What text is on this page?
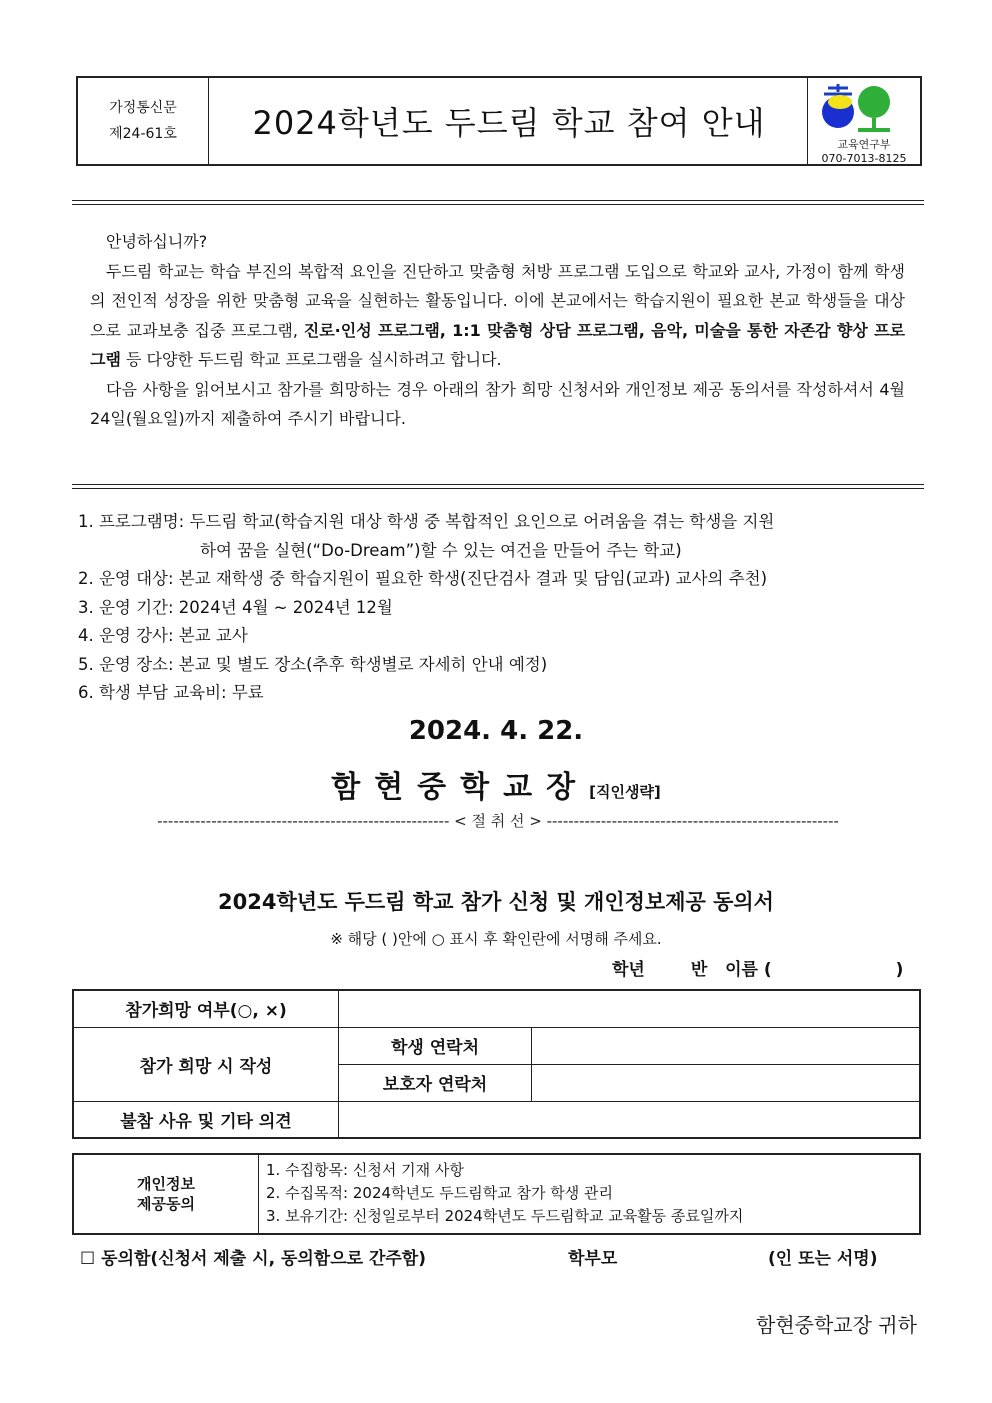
가정통신문
제24-61호	2024학년도 두드림 학교 참여 안내
교육연구부
070-7013-8125

안녕하십니까?

두드림 학교는 학습 부진의 복합적 요인을 진단하고 맞춤형 처방 프로그램 도입으로 학교와 교사, 가정이 함께 학생의 전인적 성장을 위한 맞춤형 교육을 실현하는 활동입니다. 이에 본교에서는 학습지원이 필요한 본교 학생들을 대상으로 교과보충 집중 프로그램, 진로·인성 프로그램, 1:1 맞춤형 상담 프로그램, 음악, 미술을 통한 자존감 향상 프로그램 등 다양한 두드림 학교 프로그램을 실시하려고 합니다.

다음 사항을 읽어보시고 참가를 희망하는 경우 아래의 참가 희망 신청서와 개인정보 제공 동의서를 작성하셔서 4월 24일(월요일)까지 제출하여 주시기 바랍니다.

1. 프로그램명: 두드림 학교(학습지원 대상 학생 중 복합적인 요인으로 어려움을 겪는 학생을 지원
하여 꿈을 실현(“Do-Dream”)할 수 있는 여건을 만들어 주는 학교)
2. 운영 대상: 본교 재학생 중 학습지원이 필요한 학생(진단검사 결과 및 담임(교과) 교사의 추천)
3. 운영 기간: 2024년 4월 ~ 2024년 12월
4. 운영 강사: 본교 교사
5. 운영 장소: 본교 및 별도 장소(추후 학생별로 자세히 안내 예정)
6. 학생 부담 교육비: 무료
2024. 4. 22.
함현중학교장[직인생략]
------------------------------------------------------ < 절 취 선 > ------------------------------------------------------
2024학년도 두드림 학교 참가 신청 및 개인정보제공 동의서
※ 해당 ( )안에 ○ 표시 후 확인란에 서명해 주세요.
학년	반 이름 (	)
참가희망 여부(○, ×)		
참가 희망 시 작성	학생 연락처	
	보호자 연락처	
불참 사유 및 기타 의견		
개인정보
제공동의
1. 수집항목: 신청서 기재 사항
2. 수집목적: 2024학년도 두드림학교 참가 학생 관리
3. 보유기간: 신청일로부터 2024학년도 두드림학교 교육활동 종료일까지
☐ 동의함(신청서 제출 시, 동의함으로 간주함)	학부모	(인 또는 서명)
함현중학교장 귀하
